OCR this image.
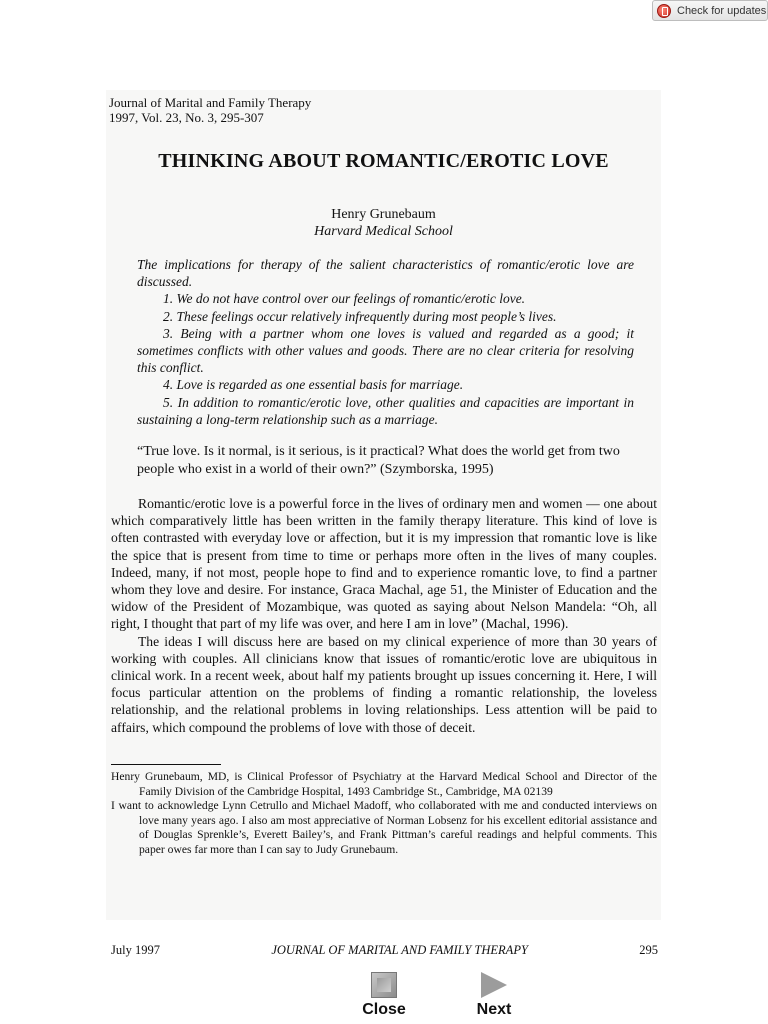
Check for updates
Journal of Marital and Family Therapy
1997, Vol. 23, No. 3, 295-307
THINKING ABOUT ROMANTIC/EROTIC LOVE
Henry Grunebaum
Harvard Medical School

The implications for therapy of the salient characteristics of romantic/erotic love are discussed.

1. We do not have control over our feelings of romantic/erotic love.

2. These feelings occur relatively infrequently during most people’s lives.

3. Being with a partner whom one loves is valued and regarded as a good; it sometimes conflicts with other values and goods. There are no clear criteria for resolving this conflict.

4. Love is regarded as one essential basis for marriage.

5. In addition to romantic/erotic love, other qualities and capacities are important in sustaining a long-term relationship such as a marriage.

“True love. Is it normal, is it serious, is it practical? What does the world get from two people who exist in a world of their own?” (Szymborska, 1995)

Romantic/erotic love is a powerful force in the lives of ordinary men and women — one about which comparatively little has been written in the family therapy literature. This kind of love is often contrasted with everyday love or affection, but it is my impression that romantic love is like the spice that is present from time to time or perhaps more often in the lives of many couples. Indeed, many, if not most, people hope to find and to experience romantic love, to find a partner whom they love and desire. For instance, Graca Machal, age 51, the Minister of Education and the widow of the President of Mozambique, was quoted as saying about Nelson Mandela: “Oh, all right, I thought that part of my life was over, and here I am in love” (Machal, 1996).

The ideas I will discuss here are based on my clinical experience of more than 30 years of working with couples. All clinicians know that issues of romantic/erotic love are ubiquitous in clinical work. In a recent week, about half my patients brought up issues concerning it. Here, I will focus particular attention on the problems of finding a romantic relationship, the loveless relationship, and the relational problems in loving relationships. Less attention will be paid to affairs, which compound the problems of love with those of deceit.

Henry Grunebaum, MD, is Clinical Professor of Psychiatry at the Harvard Medical School and Director of the Family Division of the Cambridge Hospital, 1493 Cambridge St., Cambridge, MA 02139

I want to acknowledge Lynn Cetrullo and Michael Madoff, who collaborated with me and conducted interviews on love many years ago. I also am most appreciative of Norman Lobsenz for his excellent editorial assistance and of Douglas Sprenkle’s, Everett Bailey’s, and Frank Pittman’s careful readings and helpful comments. This paper owes far more than I can say to Judy Grunebaum.

July 1997	JOURNAL OF MARITAL AND FAMILY THERAPY	295
Close	Next
